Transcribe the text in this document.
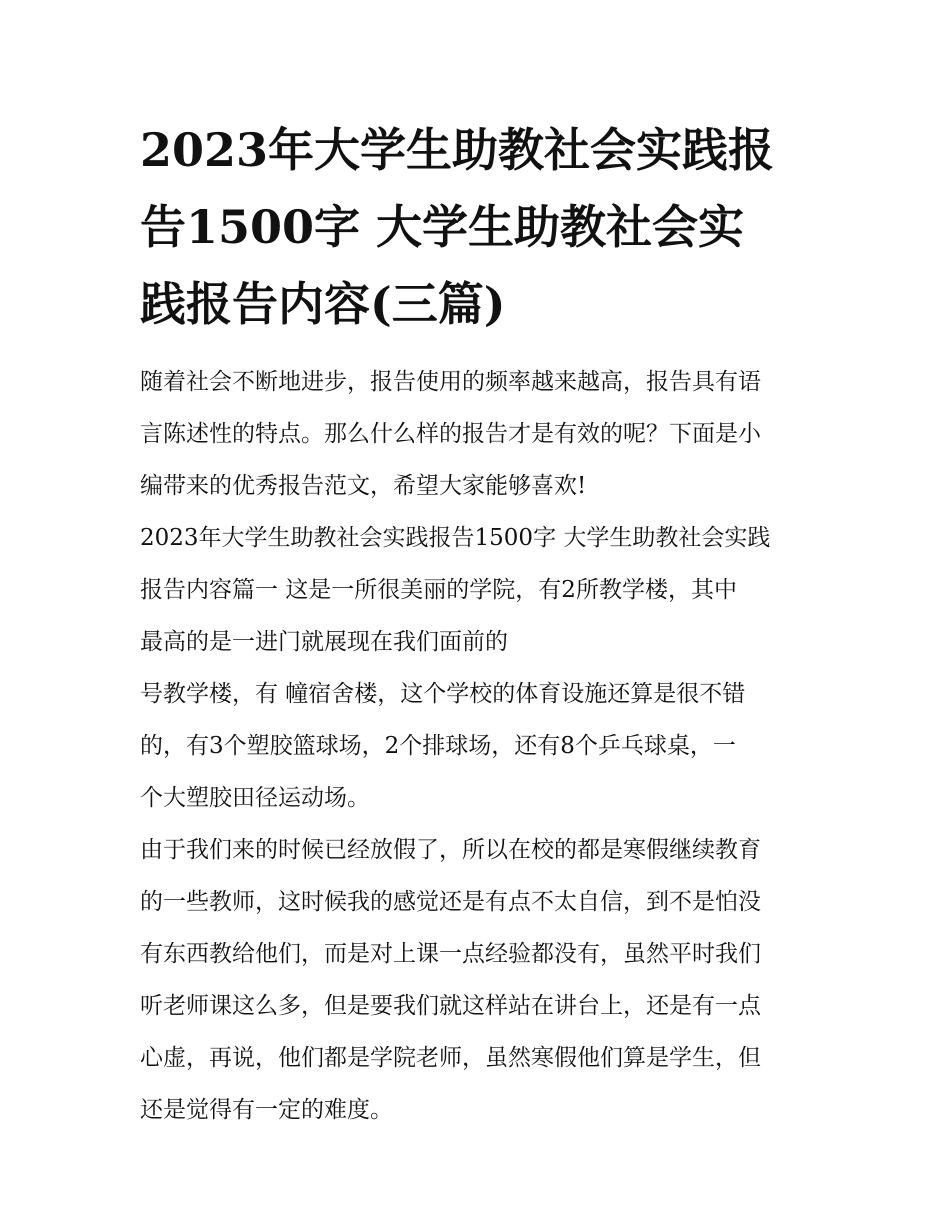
2023年大学生助教社会实践报
告1500字 大学生助教社会实
践报告内容(三篇)
随着社会不断地进步，报告使用的频率越来越高，报告具有语
言陈述性的特点。那么什么样的报告才是有效的呢？下面是小
编带来的优秀报告范文，希望大家能够喜欢!
2023年大学生助教社会实践报告1500字 大学生助教社会实践
报告内容篇一 这是一所很美丽的学院，有2所教学楼，其中
最高的是一进门就展现在我们面前的
号教学楼，有 幢宿舍楼，这个学校的体育设施还算是很不错
的，有3个塑胶篮球场，2个排球场，还有8个乒乓球桌，一
个大塑胶田径运动场。
由于我们来的时候已经放假了，所以在校的都是寒假继续教育
的一些教师，这时候我的感觉还是有点不太自信，到不是怕没
有东西教给他们，而是对上课一点经验都没有，虽然平时我们
听老师课这么多，但是要我们就这样站在讲台上，还是有一点
心虚，再说，他们都是学院老师，虽然寒假他们算是学生，但
还是觉得有一定的难度。
